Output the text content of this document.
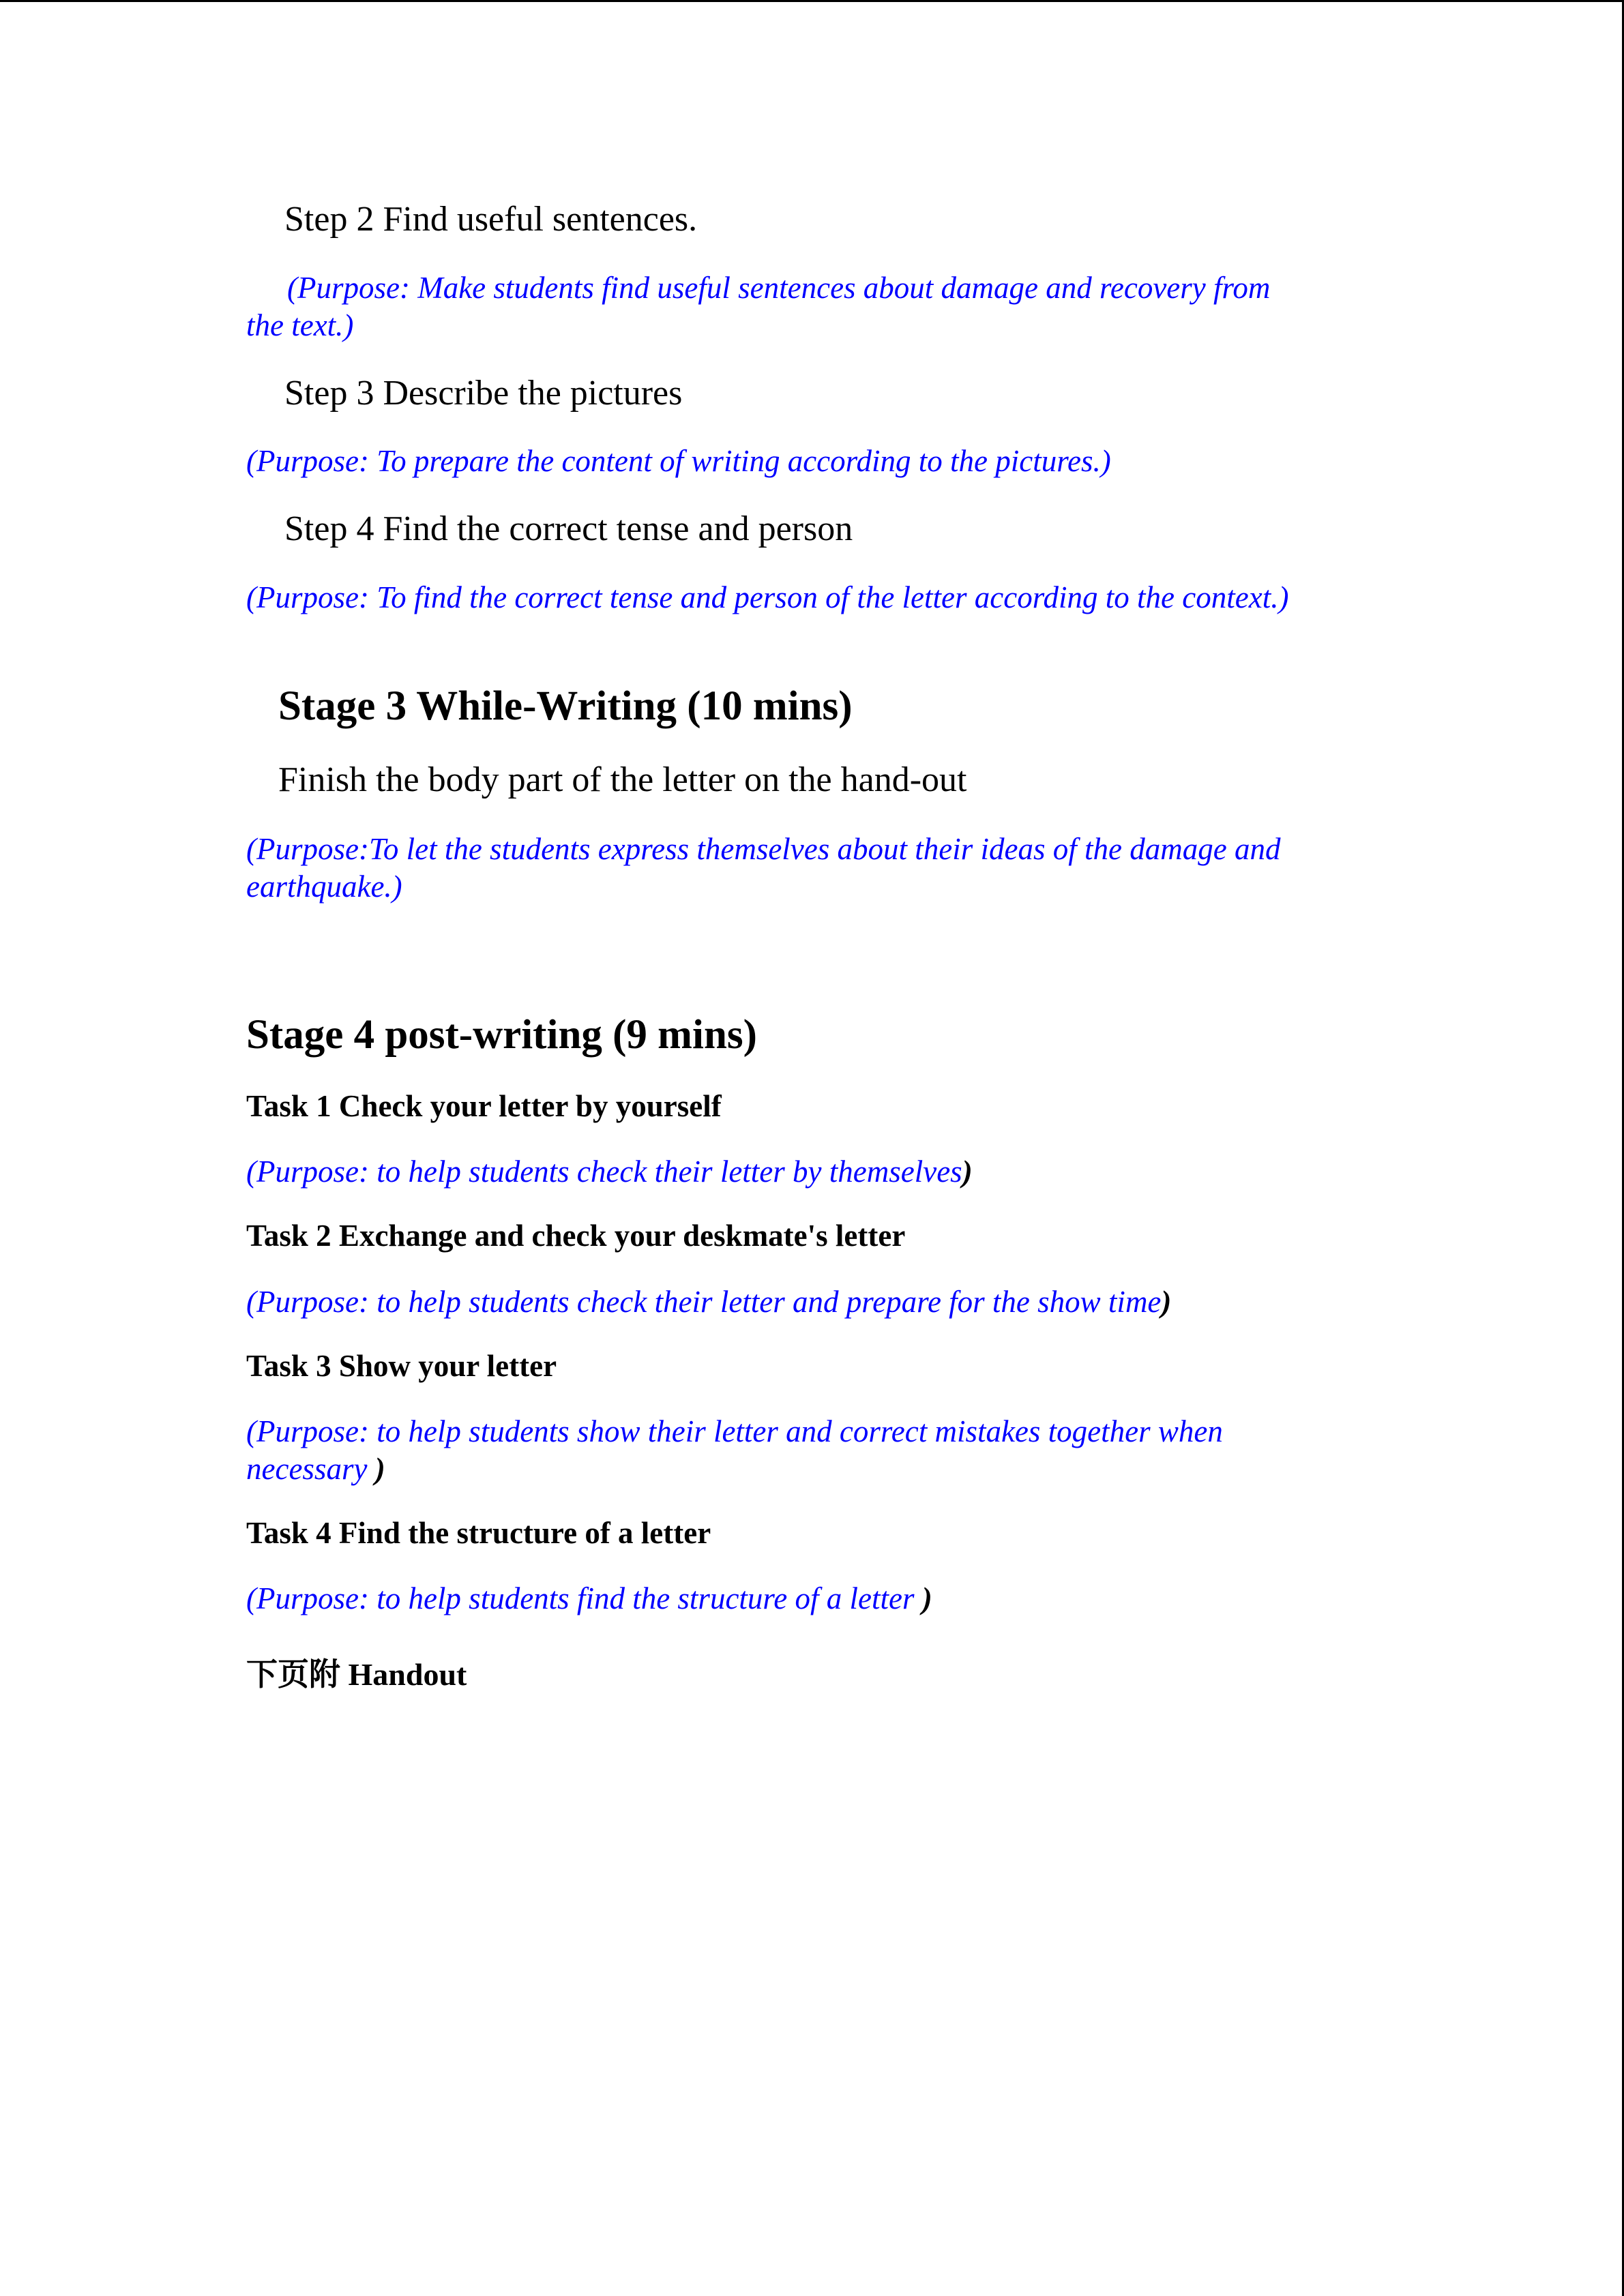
Step 2 Find useful sentences.

(Purpose: Make students find useful sentences about damage and recovery from

the text.)

Step 3 Describe the pictures

(Purpose: To prepare the content of writing according to the pictures.)

Step 4 Find the correct tense and person

(Purpose: To find the correct tense and person of the letter according to the context.)

Stage 3 While-Writing (10 mins)

Finish the body part of the letter on the hand-out

(Purpose:To let the students express themselves about their ideas of the damage and

earthquake.)

Stage 4 post-writing (9 mins)

Task 1 Check your letter by yourself

(Purpose: to help students check their letter by themselves)

Task 2 Exchange and check your deskmate's letter

(Purpose: to help students check their letter and prepare for the show time)

Task 3 Show your letter

(Purpose: to help students show their letter and correct mistakes together when

necessary )

Task 4 Find the structure of a letter

(Purpose: to help students find the structure of a letter )

下页附 Handout
